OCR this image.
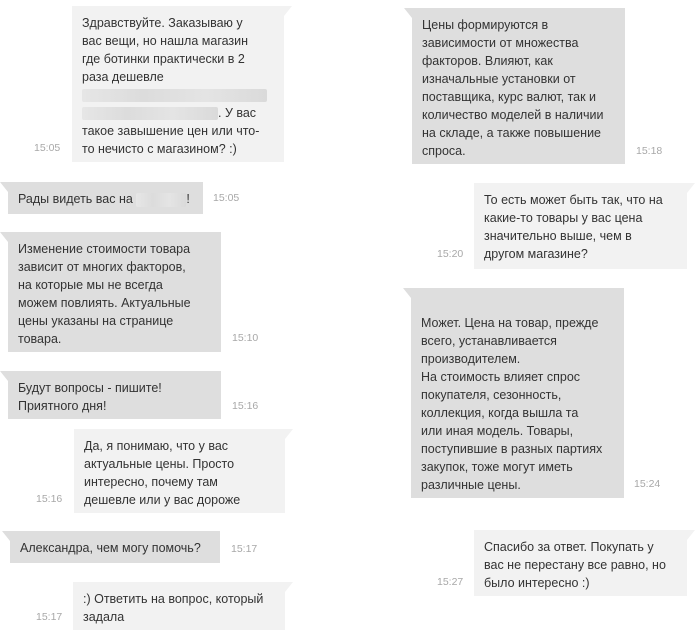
Здравствуйте. Заказываю у
вас вещи, но нашла магазин
где ботинки практически в 2
раза дешевле
. У вас
такое завышение цен или что-
то нечисто с магазином? :)
15:05
Рады видеть вас на	!	15:05
Изменение стоимости товара
зависит от многих факторов,
на которые мы не всегда
можем повлиять. Актуальные
цены указаны на странице
товара.	15:10
Будут вопросы - пишите!
Приятного дня!	15:16
Да, я понимаю, что у вас
актуальные цены. Просто
интересно, почему там
дешевле или у вас дороже
15:16
Александра, чем могу помочь?	15:17
:) Ответить на вопрос, который
задала
15:17
Цены формируются в
зависимости от множества
факторов. Влияют, как
изначальные установки от
поставщика, курс валют, так и
количество моделей в наличии
на складе, а также повышение
спроса.	15:18
То есть может быть так, что на
какие-то товары у вас цена
значительно выше, чем в
другом магазине?
15:20
Может. Цена на товар, прежде
всего, устанавливается
производителем.
На стоимость влияет спрос
покупателя, сезонность,
коллекция, когда вышла та
или иная модель. Товары,
поступившие в разных партиях
закупок, тоже могут иметь
различные цены.	15:24
Спасибо за ответ. Покупать у
вас не перестану все равно, но
было интересно :)
15:27
